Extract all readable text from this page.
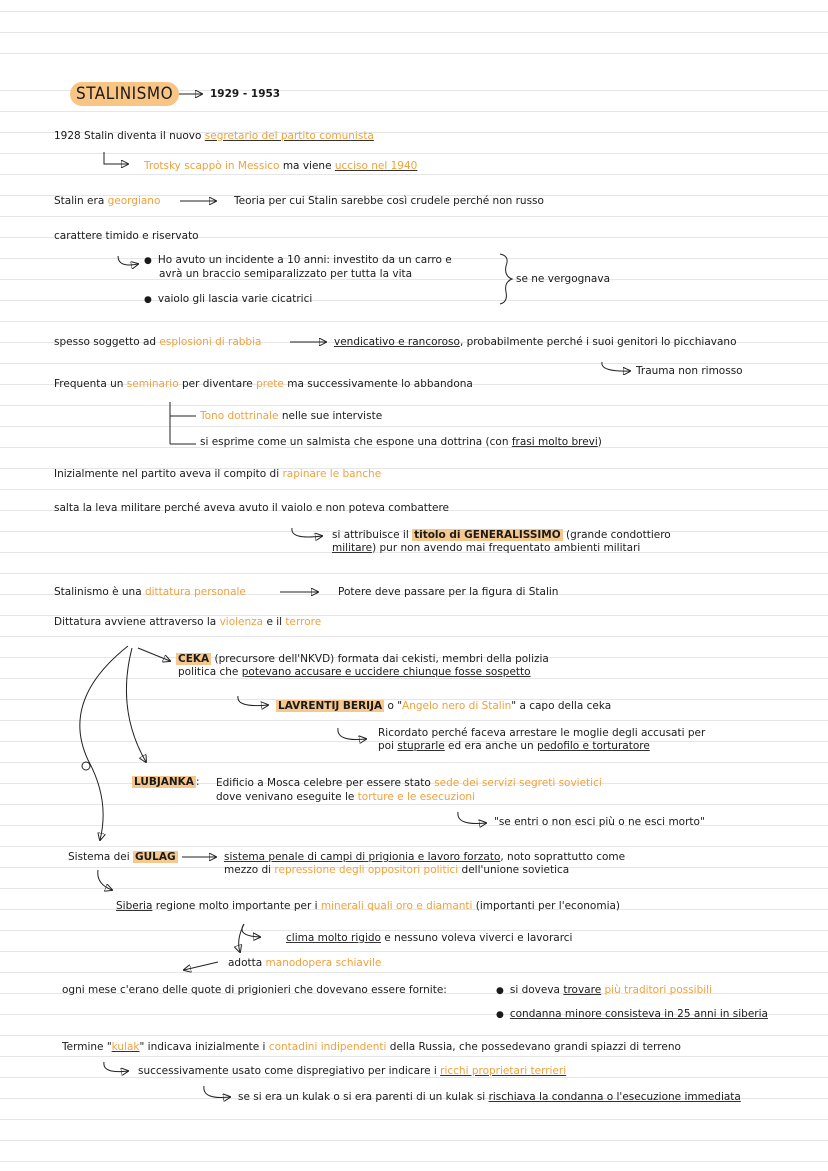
STALINISMO	1929 - 1953
1928 Stalin diventa il nuovo segretario del partito comunista
Trotsky scappò in Messico ma viene ucciso nel 1940
Stalin era georgiano	Teoria per cui Stalin sarebbe così crudele perché non russo
carattere timido e riservato
● Ho avuto un incidente a 10 anni: investito da un carro e
avrà un braccio semiparalizzato per tutta la vita	se ne vergognava
● vaiolo gli lascia varie cicatrici
spesso soggetto ad esplosioni di rabbia	vendicativo e rancoroso, probabilmente perché i suoi genitori lo picchiavano
Trauma non rimosso
Frequenta un seminario per diventare prete ma successivamente lo abbandona
Tono dottrinale nelle sue interviste
si esprime come un salmista che espone una dottrina (con frasi molto brevi)
Inizialmente nel partito aveva il compito di rapinare le banche
salta la leva militare perché aveva avuto il vaiolo e non poteva combattere
si attribuisce il titolo di GENERALISSIMO (grande condottiero
militare) pur non avendo mai frequentato ambienti militari
Stalinismo è una dittatura personale	Potere deve passare per la figura di Stalin
Dittatura avviene attraverso la violenza e il terrore
CEKA (precursore dell'NKVD) formata dai cekisti, membri della polizia
politica che potevano accusare e uccidere chiunque fosse sospetto
LAVRENTIJ BERIJA o "Angelo nero di Stalin" a capo della ceka
Ricordato perché faceva arrestare le moglie degli accusati per
poi stuprarle ed era anche un pedofilo e torturatore
LUBJANKA : Edificio a Mosca celebre per essere stato sede dei servizi segreti sovietici
dove venivano eseguite le torture e le esecuzioni
"se entri o non esci più o ne esci morto"
Sistema dei GULAG	sistema penale di campi di prigionia e lavoro forzato, noto soprattutto come
mezzo di repressione degli oppositori politici dell'unione sovietica
Siberia regione molto importante per i minerali quali oro e diamanti (importanti per l'economia)
clima molto rigido e nessuno voleva viverci e lavorarci
adotta manodopera schiavile
ogni mese c'erano delle quote di prigionieri che dovevano essere fornite:
●	si doveva trovare più traditori possibili
● condanna minore consisteva in 25 anni in siberia
Termine "kulak" indicava inizialmente i contadini indipendenti della Russia, che possedevano grandi spiazzi di terreno
successivamente usato come dispregiativo per indicare i ricchi proprietari terrieri
se si era un kulak o si era parenti di un kulak si rischiava la condanna o l'esecuzione immediata
